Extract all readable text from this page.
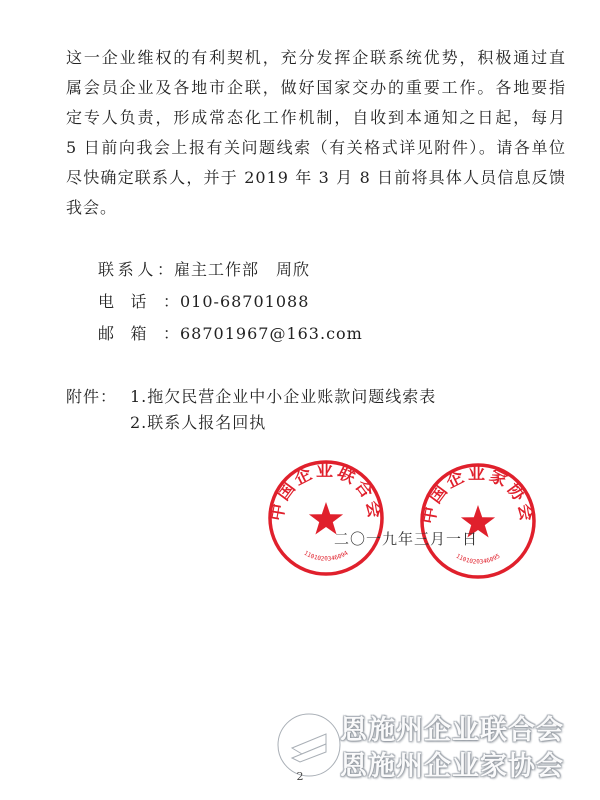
这一企业维权的有利契机，充分发挥企联系统优势，积极通过直
属会员企业及各地市企联，做好国家交办的重要工作。各地要指
定专人负责，形成常态化工作机制，自收到本通知之日起，每月
5 日前向我会上报有关问题线索（有关格式详见附件）。请各单位
尽快确定联系人，并于 2019 年 3 月 8 日前将具体人员信息反馈
我会。
联系人：雇主工作部　周欣
电话：010-68701088
邮箱：68701967@163.com
附件： 1.拖欠民营企业中小企业账款问题线索表
2.联系人报名回执
中国企业联合会
1101020346094
中国企业家协会
1101020346095
二〇一九年三月一日
恩施州企业联合会
恩施州企业家协会
2
